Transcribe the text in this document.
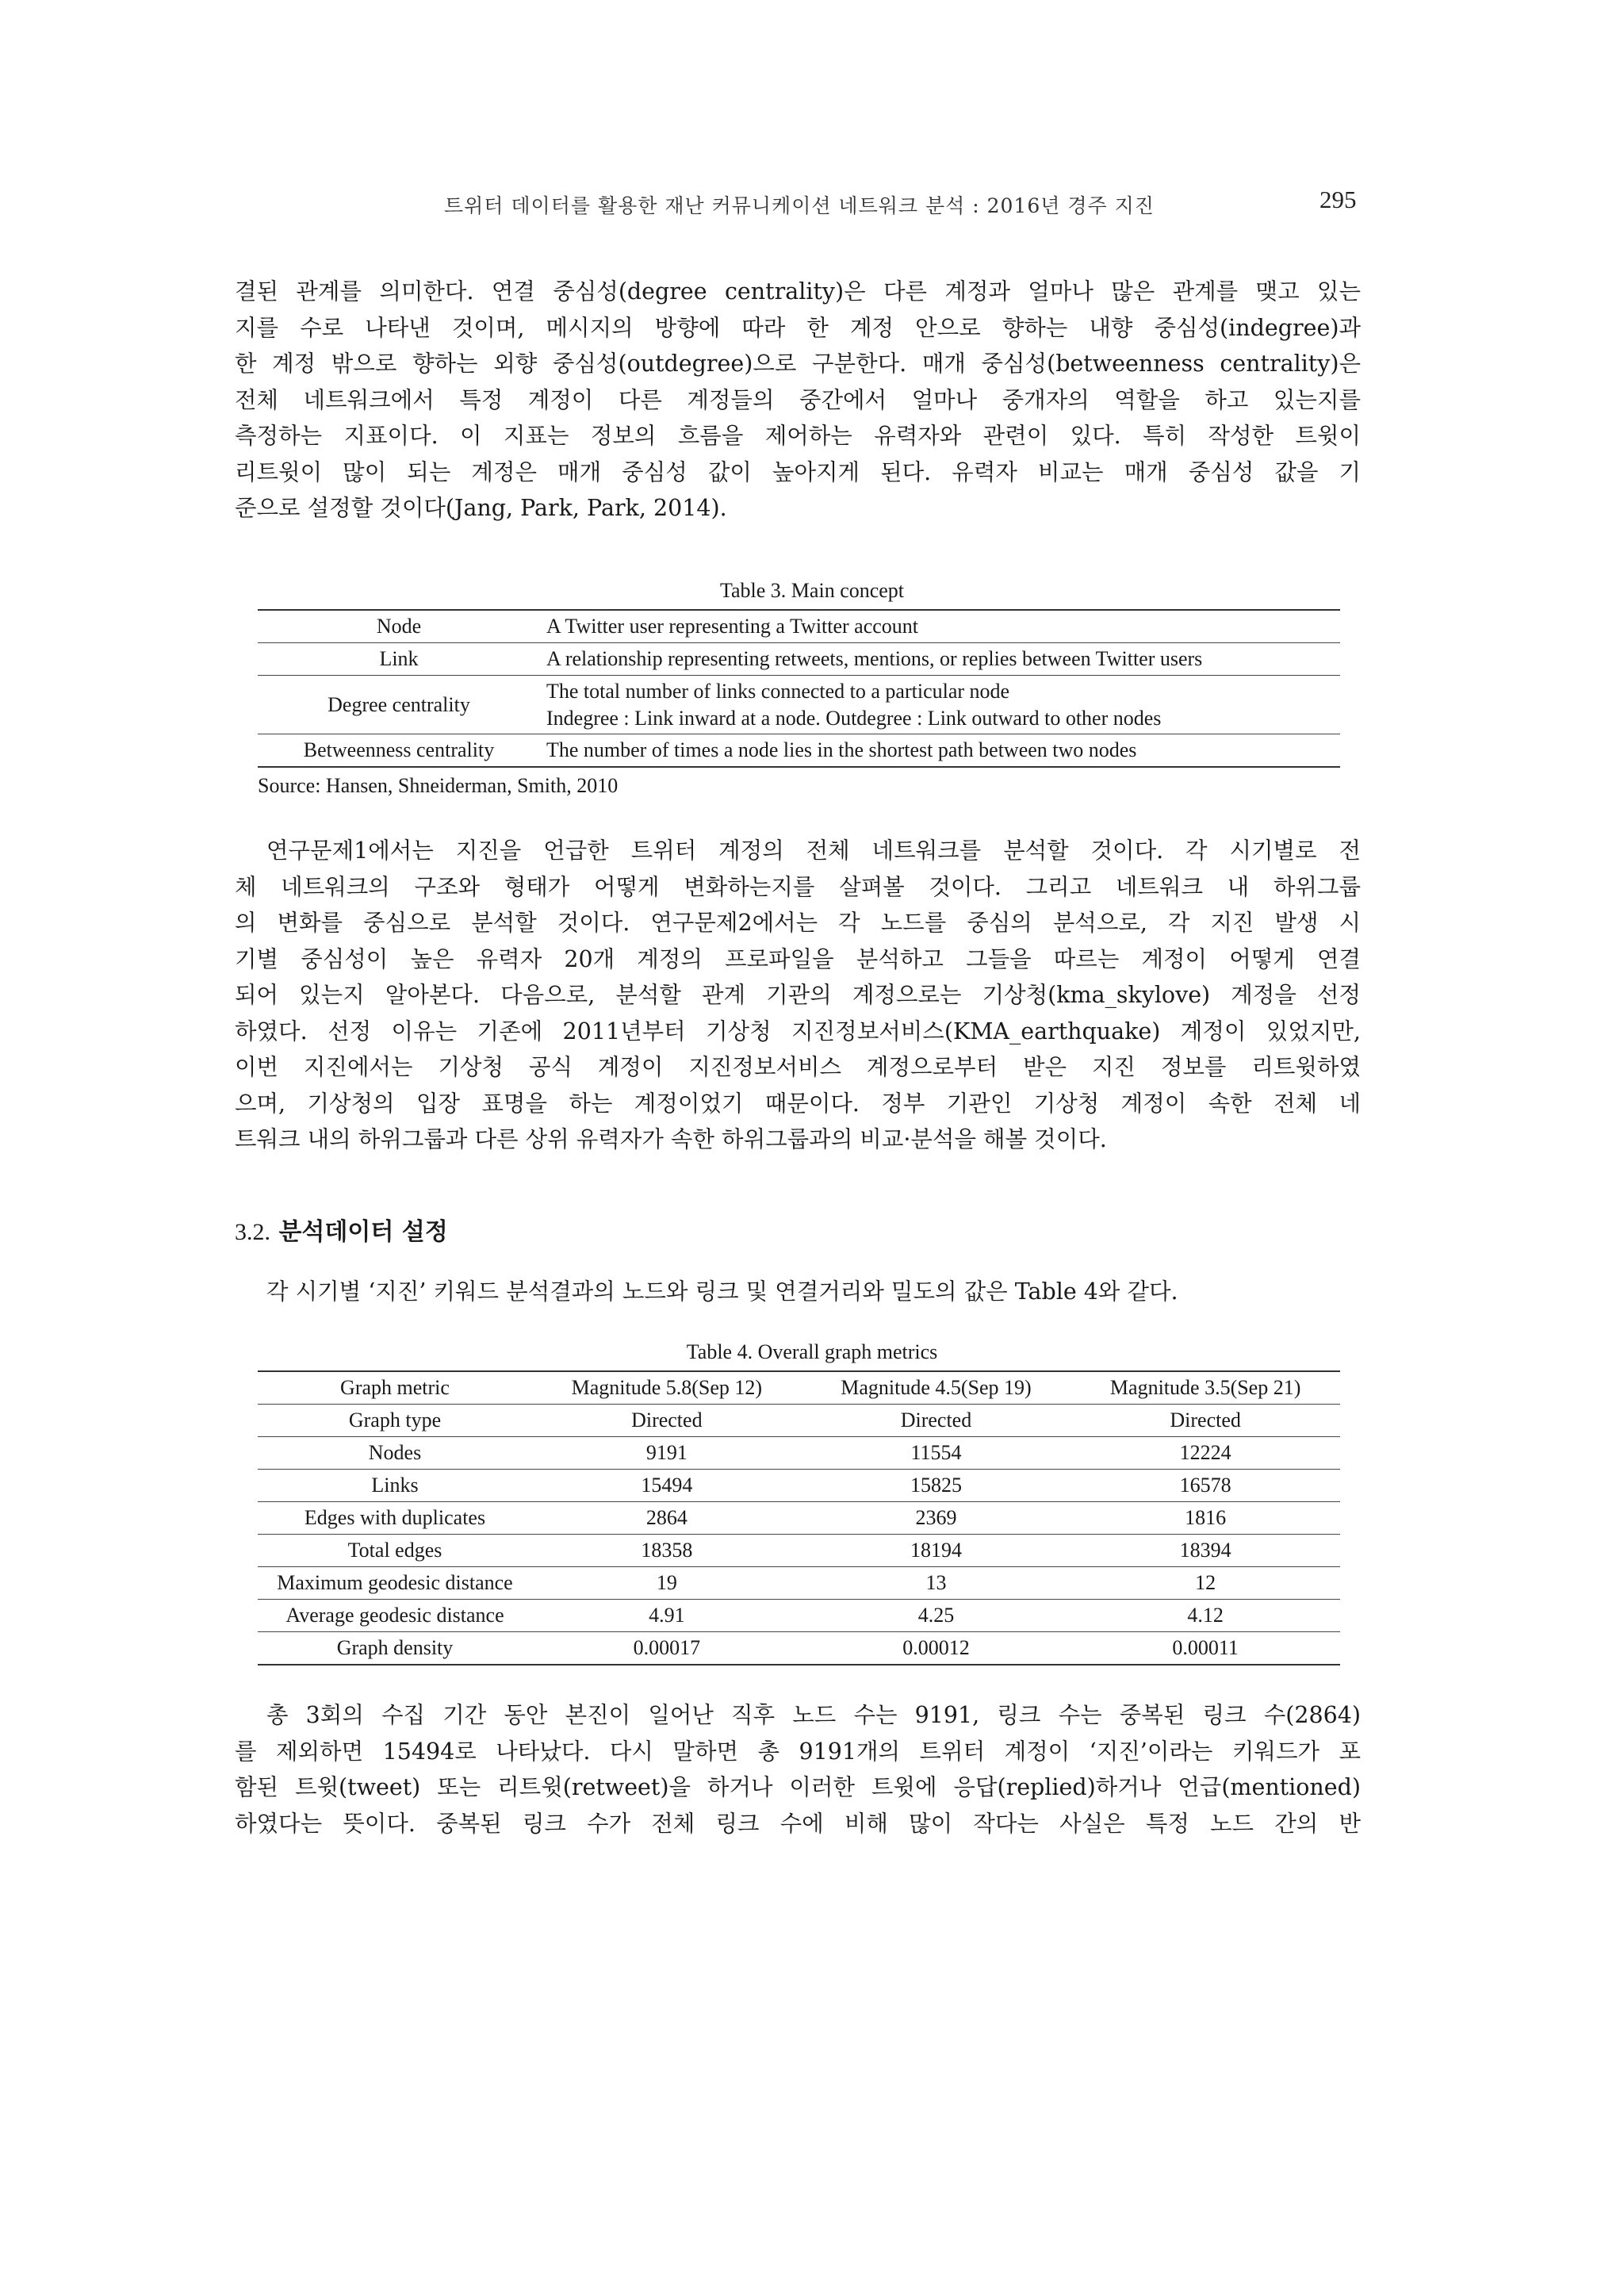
트위터 데이터를 활용한 재난 커뮤니케이션 네트워크 분석 : 2016년 경주 지진	295
결된 관계를 의미한다. 연결 중심성(degree centrality)은 다른 계정과 얼마나 많은 관계를 맺고 있는
지를 수로 나타낸 것이며, 메시지의 방향에 따라 한 계정 안으로 향하는 내향 중심성(indegree)과
한 계정 밖으로 향하는 외향 중심성(outdegree)으로 구분한다. 매개 중심성(betweenness centrality)은
전체 네트워크에서 특정 계정이 다른 계정들의 중간에서 얼마나 중개자의 역할을 하고 있는지를
측정하는 지표이다. 이 지표는 정보의 흐름을 제어하는 유력자와 관련이 있다. 특히 작성한 트윗이
리트윗이 많이 되는 계정은 매개 중심성 값이 높아지게 된다. 유력자 비교는 매개 중심성 값을 기
준으로 설정할 것이다(Jang, Park, Park, 2014).
Table 3. Main concept
Node	A Twitter user representing a Twitter account
Link	A relationship representing retweets, mentions, or replies between Twitter users
Degree centrality	The total number of links connected to a particular node
Indegree : Link inward at a node. Outdegree : Link outward to other nodes

Betweenness centrality	The number of times a node lies in the shortest path between two nodes
Source: Hansen, Shneiderman, Smith, 2010
연구문제1에서는 지진을 언급한 트위터 계정의 전체 네트워크를 분석할 것이다. 각 시기별로 전
체 네트워크의 구조와 형태가 어떻게 변화하는지를 살펴볼 것이다. 그리고 네트워크 내 하위그룹
의 변화를 중심으로 분석할 것이다. 연구문제2에서는 각 노드를 중심의 분석으로, 각 지진 발생 시
기별 중심성이 높은 유력자 20개 계정의 프로파일을 분석하고 그들을 따르는 계정이 어떻게 연결
되어 있는지 알아본다. 다음으로, 분석할 관계 기관의 계정으로는 기상청(kma_skylove) 계정을 선정
하였다. 선정 이유는 기존에 2011년부터 기상청 지진정보서비스(KMA_earthquake) 계정이 있었지만,
이번 지진에서는 기상청 공식 계정이 지진정보서비스 계정으로부터 받은 지진 정보를 리트윗하였
으며, 기상청의 입장 표명을 하는 계정이었기 때문이다. 정부 기관인 기상청 계정이 속한 전체 네
트워크 내의 하위그룹과 다른 상위 유력자가 속한 하위그룹과의 비교·분석을 해볼 것이다.
3.2. 분석데이터 설정
각 시기별 ‘지진’ 키워드 분석결과의 노드와 링크 및 연결거리와 밀도의 값은 Table 4와 같다.
Table 4. Overall graph metrics
Graph metric	Magnitude 5.8(Sep 12)	Magnitude 4.5(Sep 19)	Magnitude 3.5(Sep 21)
Graph type	Directed	Directed	Directed
Nodes	9191	11554	12224
Links	15494	15825	16578
Edges with duplicates	2864	2369	1816
Total edges	18358	18194	18394
Maximum geodesic distance	19	13	12
Average geodesic distance	4.91	4.25	4.12
Graph density	0.00017	0.00012	0.00011
총 3회의 수집 기간 동안 본진이 일어난 직후 노드 수는 9191, 링크 수는 중복된 링크 수(2864)
를 제외하면 15494로 나타났다. 다시 말하면 총 9191개의 트위터 계정이 ‘지진’이라는 키워드가 포
함된 트윗(tweet) 또는 리트윗(retweet)을 하거나 이러한 트윗에 응답(replied)하거나 언급(mentioned)
하였다는 뜻이다. 중복된 링크 수가 전체 링크 수에 비해 많이 작다는 사실은 특정 노드 간의 반
